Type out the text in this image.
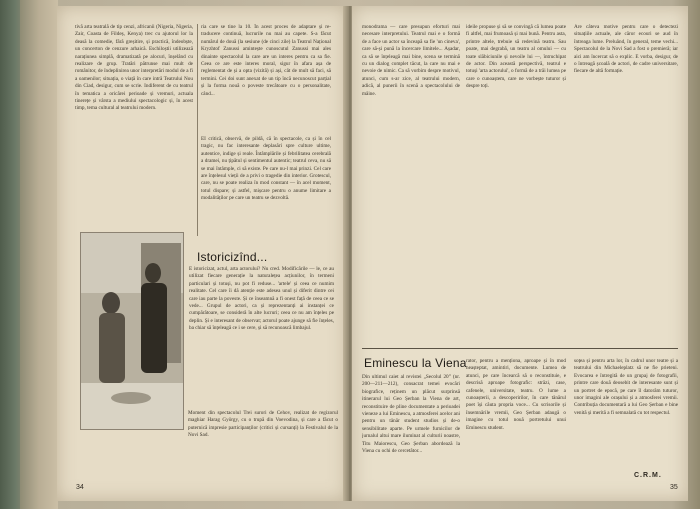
tivă arta teatrală de tip cenzi, africanii (Nigeria, Nigeria, Zair, Coasta de Fildeș, Kenya) trec cu ajutorul lor la deasă la comedie, fără greșitire, și practică, îndeobște, un concerton de cenzure arhaică. Eschiloștii utilizează narațiunea simplă, dramatizată pe alocuri, înșelând cu realizare de grup. Tratări pătrunse mai mult de românitor, de îndeplinirea unor interpretări modul de a fi a oamenilor; situația, o viață în care intră Teatrului Nou din Ciad, desigur, cum se scrie. Indiferent de cu teatrul în tematica a oricărei perioade și vremuri, actuala tinerețe și vârsta a mediului spectacologic și, în acest timp, tema cultural al teatrului modern.
ria care se tine la 10. În acest proces de adaptare și re-traducere continuă, lucrurile nu mai au capete. S-a făcut numărul de două (la sesiune (de cinci zile) la Teatrul Național Kryzhtof Zanussi amintește cunoscutul Zanussi mai ales dinainte spectacolul la care are un interes pentru ca sa fie. Ceea ce are este interes moral, sigur în afara așa de reglementat de și a opta (vizită) și ași, cât de mult să faci, să termini. Cei doi sunt anexat de un tip încă necunoscut parțial și la forma nouă o poveste trecătoare cu o personalitate, când...
EI critică, observă, de pildă, că în spectacole, ca și în cel tragic, nu fac interesante deplasări spre culture ultime, autentice, indige și reale. Întâmplările și febrilitatea cerebrală a dramei, nu țipătul și sentimentul autentic; teatrul ceva, nu să se mai întâmple, ci să existe. Pe care nu-l mai prinzi. Cel care are înțelesul vieții de a privi o tragedie din interior. Grotescul, care, nu se poate realiza în mod constant — în acel moment, totul dispare; și astfel, mișcare pentru o anume limitare a modalităților pe care un teatru se dezvoltă.
Istoricizînd...
E istoricizat, actul, arta actorului? Nu cred. Modificările — le, ce au utilizat fiecare generație la naturalețea acțiunilor, în termeni particulari și totuși, nu pot fi reduse... 'artele' și ceea ce numim realitate. Cel care îi dă atenție este adesea unul și diferit dintre cei care iau parte la poveste. Și ce înseamnă a fi onest față de ceea ce se vede... Grupul de actori, ca și reprezentanți ai instanței ce cumpărătoare, se consideră în alte lucruri; ceea ce nu am înțeles pe deplin. Și e interesant de observat; actorul poate ajunge să fie înțeles, ba chiar să înțeleagă ce i se cere, și să recunoască limbajul.
Moment din spectacolul Trei surori de Cehov, realizat de regizorul maghiar Harag György, cu o trupă din Voevodina, și care a făcut o puternică impresie participanților (critici și cursanți) la Festivalul de la Novi Sad.
34
monodrama — care presupun eforturi mai necesare interpretului. Teatrul mai e o formă de a face un actor sa înceapă sa fie 'un cineva', care să-și pună la încercare limitele... Așadar, ca să se înțeleagă mai bine, scena se termină cu un dialog complet tăcut, la care nu mai e nevoie de nimic. Ca să vorbim despre motivul, atunci, cum s-ar zice, al teatrului modern, adică, al punerii în scenă a spectacolului de mâine.
ideile propuse și să se convingă că lumea poate fi altfel, mai frumoasă și mai bună. Pentru asta, printre altele, trebuie să redevină teatru. Sau poate, mai degrabă, un teatru al omului — cu toate slăbiciunile și nevoile lui —, întruchipat de actor. Din această perspectivă, teatrul e totuși 'arta actorului', o formă de a trăi lumea pe care o cunoaștem, care ne vorbește tuturor și despre toți.
Are câteva motive pentru care o detectezi situațiile actuale, ale căror ecouri se aud în întreaga lume. Preluând, în general, teme vechi... Spectacolul de la Novi Sad a fost o premieră; iar aici am încercat să o explic. E vorba, desigur, de o întreagă școală de actori, de cadre universitare, fiecare de altă formație.
Eminescu la Viena
Din ultimul caiet al revistei „Secolul 20” (nr. 200—211—212), consacrat temei evocări biografice, reținem un plăcut surprinsă itinerarul lui Geo Șerban la Viena de art, reconstituire de pline documentate a perioadei vieneze a lui Eminescu, a atmosferei acelor ani pentru un tânăr student studios și de-o sensibilitate aparte. Pe urmele furnicilor de jurnalul altui mare iluminat al culturii noastre, Titu Maiorescu, Geo Șerban abordează la Viena cu ochi de cercetător...
rator, pentru a menționa, aproape și în mod neașteptat, amintiri, documente. Lumea de atunci, pe care încearcă să o reconstituie, e descrisă aproape fotografic: străzi, case, cafenele, universitate, teatru. O lume a cunoașterii, a descoperirilor, în care tânărul poet își căuta propria voce... Cu scrisorile și însemnările vremii, Geo Șerban adaugă o imagine cu totul nouă portretului unui Eminescu student.
soțea și pentru arta lor, în cadrul unor teatre și a teatrului din Michaeleplatz să ne fie prieteni. Evocarea e întregită de un grupaj de fotografii, printre care două deosebit de interesante sunt și un portret de epocă, pe care îl datorăm tuturor, unor imagini ale orașului și a atmosferei vremii. Contribuția documentară a lui Geo Șerban e bine venită și merită a fi semnalată cu tot respectul.
C.R.M.
35
